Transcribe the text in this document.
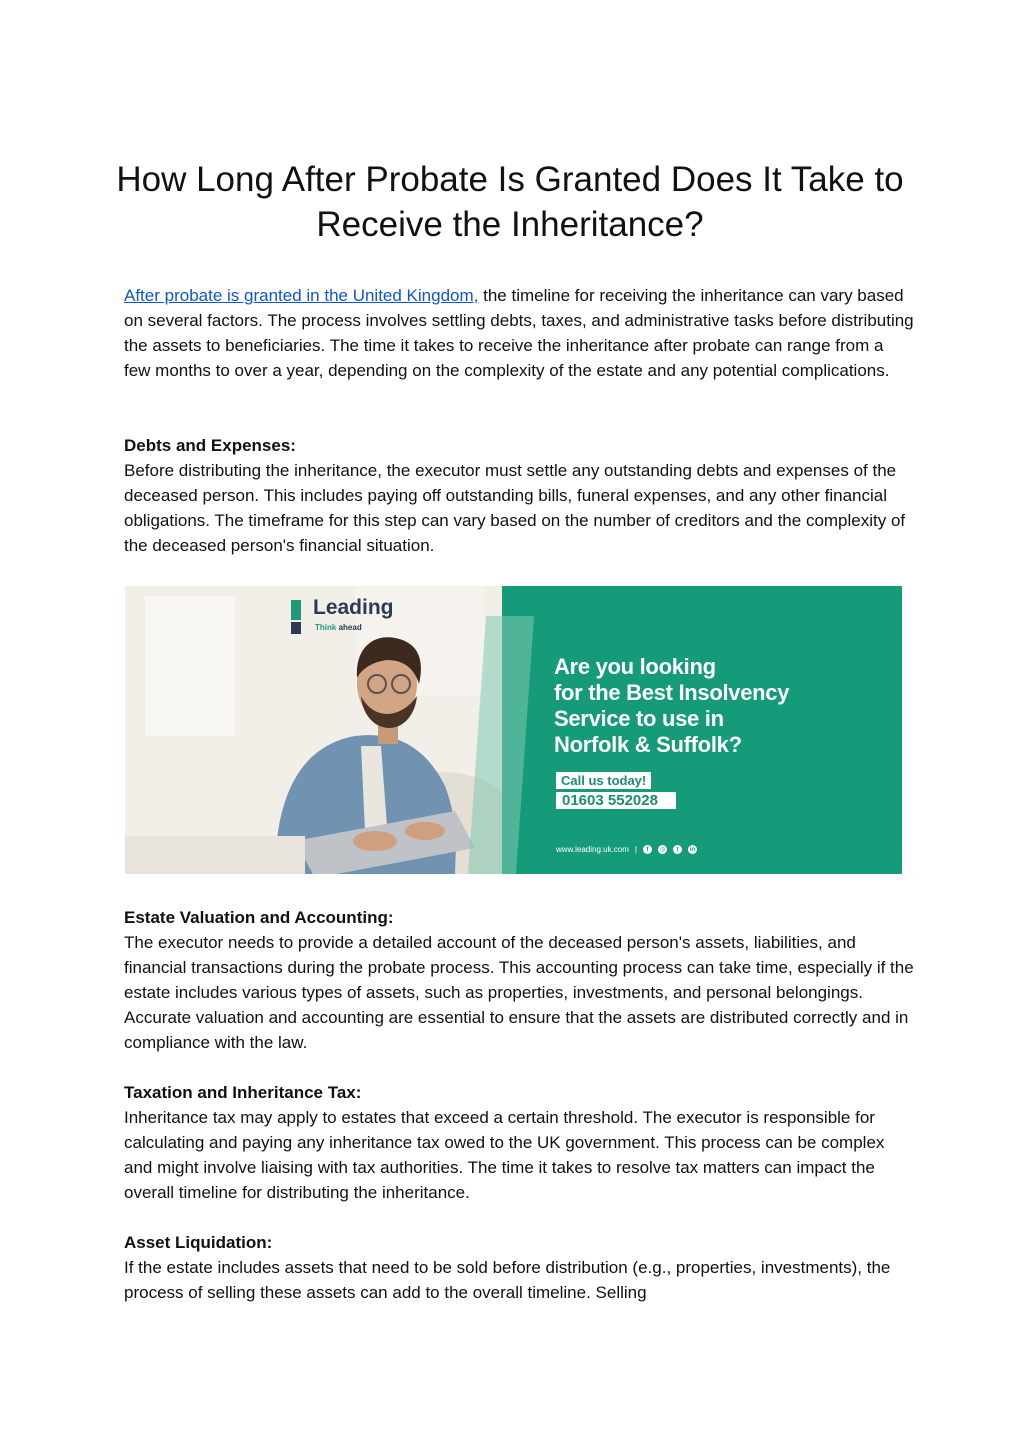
How Long After Probate Is Granted Does It Take to
Receive the Inheritance?

After probate is granted in the United Kingdom, the timeline for receiving the inheritance can vary based on several factors. The process involves settling debts, taxes, and administrative tasks before distributing the assets to beneficiaries. The time it takes to receive the inheritance after probate can range from a few months to over a year, depending on the complexity of the estate and any potential complications.

Debts and Expenses:
Before distributing the inheritance, the executor must settle any outstanding debts and expenses of the deceased person. This includes paying off outstanding bills, funeral expenses, and any other financial obligations. The timeframe for this step can vary based on the number of creditors and the complexity of the deceased person's financial situation.
Leading
Think ahead
Are you looking
for the Best Insolvency
Service to use in
Norfolk & Suffolk?
Call us today!
01603 552028
www.leading.uk.com |	f	◎	t	in
Estate Valuation and Accounting:
The executor needs to provide a detailed account of the deceased person's assets, liabilities, and financial transactions during the probate process. This accounting process can take time, especially if the estate includes various types of assets, such as properties, investments, and personal belongings. Accurate valuation and accounting are essential to ensure that the assets are distributed correctly and in compliance with the law.
Taxation and Inheritance Tax:
Inheritance tax may apply to estates that exceed a certain threshold. The executor is responsible for calculating and paying any inheritance tax owed to the UK government. This process can be complex and might involve liaising with tax authorities. The time it takes to resolve tax matters can impact the overall timeline for distributing the inheritance.
Asset Liquidation:
If the estate includes assets that need to be sold before distribution (e.g., properties, investments), the process of selling these assets can add to the overall timeline. Selling
